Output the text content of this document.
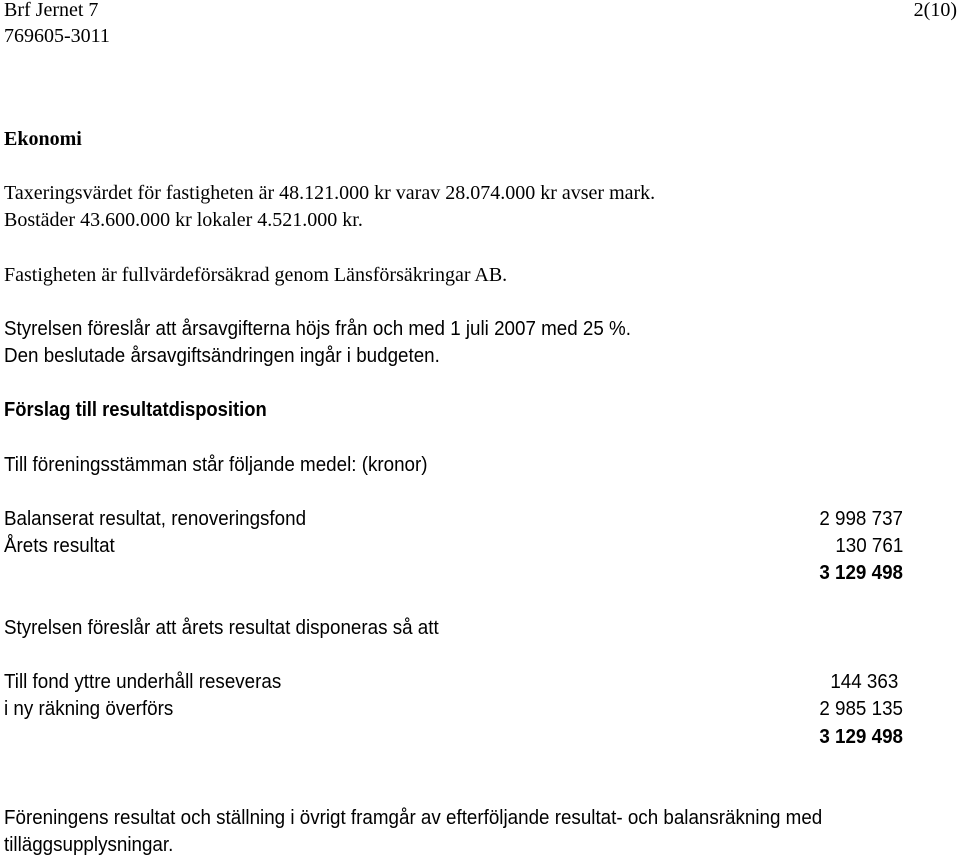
Brf Jernet 7
769605-3011
2(10)
Ekonomi
Taxeringsvärdet för fastigheten är 48.121.000 kr varav 28.074.000 kr avser mark.
Bostäder 43.600.000 kr lokaler 4.521.000 kr.
Fastigheten är fullvärdeförsäkrad genom Länsförsäkringar AB.
Styrelsen föreslår att årsavgifterna höjs från och med 1 juli 2007 med 25 %.
Den beslutade årsavgiftsändringen ingår i budgeten.
Förslag till resultatdisposition
Till föreningsstämman står följande medel: (kronor)
Balanserat resultat, renoveringsfond	2 998 737
Årets resultat	130 761
3 129 498
Styrelsen föreslår att årets resultat disponeras så att
Till fond yttre underhåll reseveras	144 363
i ny räkning överförs	2 985 135
3 129 498
Föreningens resultat och ställning i övrigt framgår av efterföljande resultat- och balansräkning med
tilläggsupplysningar.
